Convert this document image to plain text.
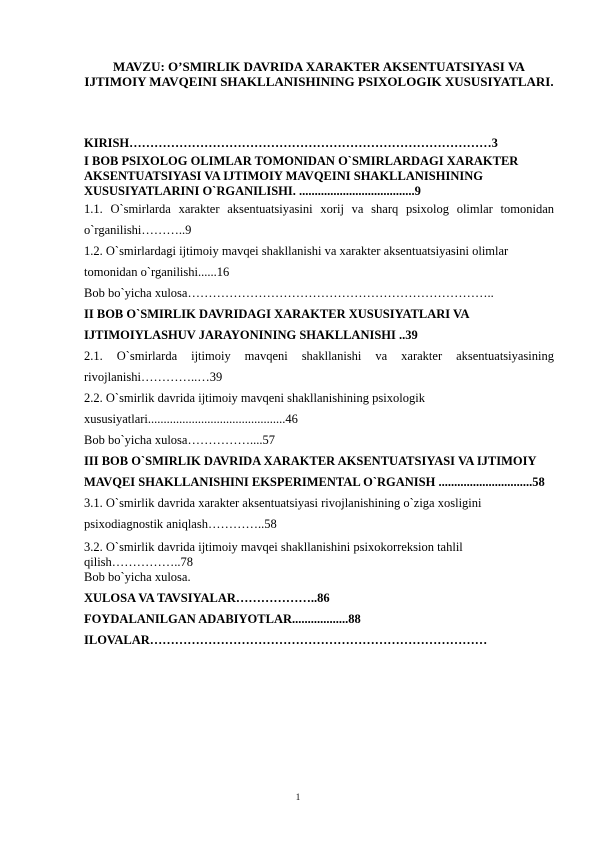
MAVZU: O’SMIRLIK DAVRIDA XARAKTER AKSENTUATSIYASI VA IJTIMOIY MAVQEINI SHAKLLANISHINING PSIXOLOGIK XUSUSIYATLARI.

KIRISH……………………………………………………………………………3

I BOB PSIXOLOG OLIMLAR TOMONIDAN O`SMIRLARDAGI XARAKTER AKSENTUATSIYASI VA IJTIMOIY MAVQEINI SHAKLLANISHINING XUSUSIYATLARINI O`RGANILISHI. .....................................9

1.1. O`smirlarda xarakter aksentuatsiyasini xorij va sharq psixolog olimlar tomonidan o`rganilishi………..9

1.2. O`smirlardagi ijtimoiy mavqei shakllanishi va xarakter aksentuatsiyasini olimlar tomonidan o`rganilishi......16

Bob bo`yicha xulosa………………………………………………………………..

II BOB O`SMIRLIK DAVRIDAGI XARAKTER XUSUSIYATLARI VA IJTIMOIYLASHUV JARAYONINING SHAKLLANISHI ..39

2.1. O`smirlarda ijtimoiy mavqeni shakllanishi va xarakter aksentuatsiyasining rivojlanishi…………..…39

2.2. O`smirlik davrida ijtimoiy mavqeni shakllanishining psixologik xususiyatlari............................................46

Bob bo`yicha xulosa……………....57

III BOB O`SMIRLIK DAVRIDA XARAKTER AKSENTUATSIYASI VA IJTIMOIY MAVQEI SHAKLLANISHINI EKSPERIMENTAL O`RGANISH ..............................58

3.1. O`smirlik davrida xarakter aksentuatsiyasi rivojlanishining o`ziga xosligini psixodiagnostik aniqlash…………..58

3.2. O`smirlik davrida ijtimoiy mavqei shakllanishini psixokorreksion tahlil qilish……………..78

Bob bo`yicha xulosa.

XULOSA VA TAVSIYALAR………………..86

FOYDALANILGAN ADABIYOTLAR..................88

ILOVALAR………………………………………………………………………

1
